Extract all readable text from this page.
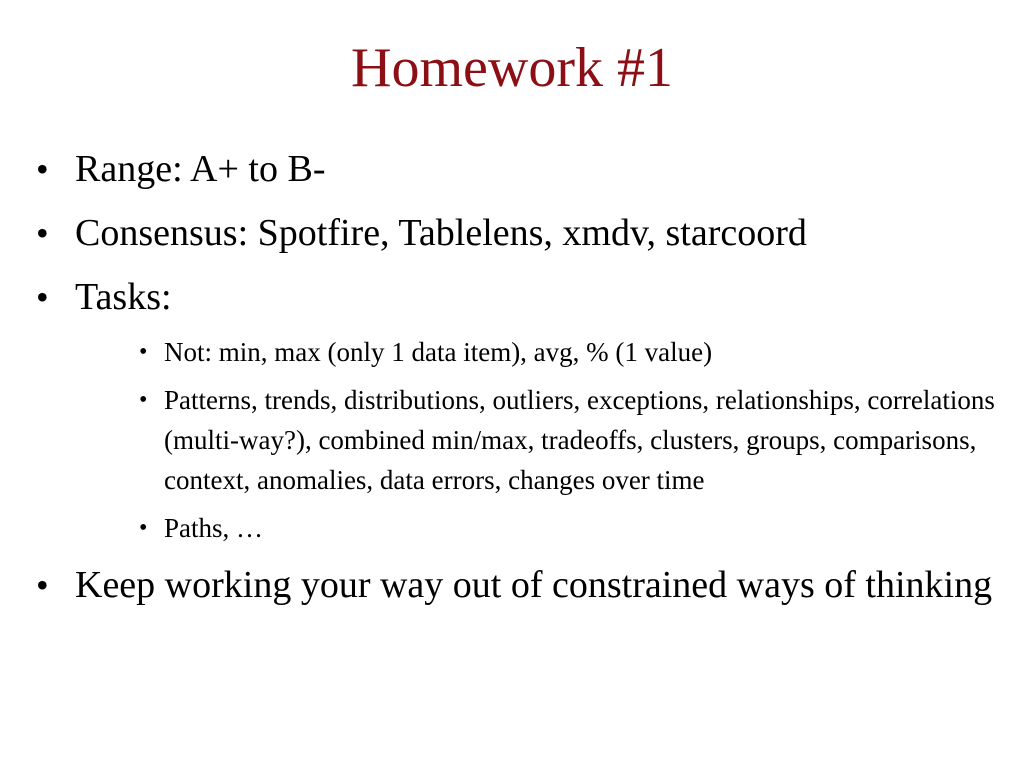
Homework #1
• Range: A+ to B-
• Consensus: Spotfire, Tablelens, xmdv, starcoord
• Tasks:
• Not: min, max (only 1 data item), avg, % (1 value)
• Patterns, trends, distributions, outliers, exceptions, relationships, correlations (multi-way?), combined min/max, tradeoffs, clusters, groups, comparisons, context, anomalies, data errors, changes over time
• Paths, …
• Keep working your way out of constrained ways of thinking
